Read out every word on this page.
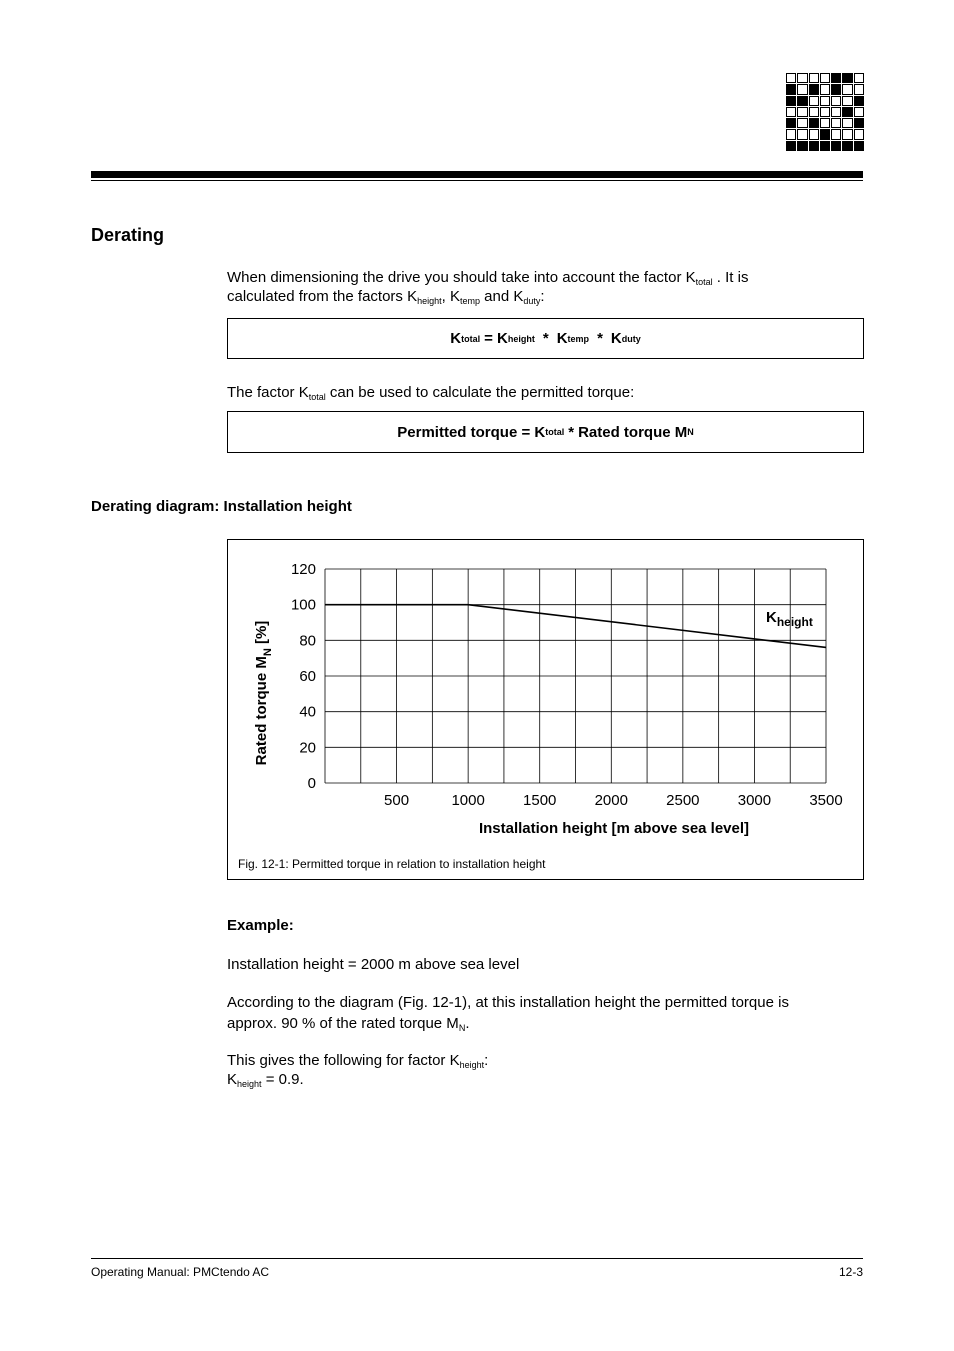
Derating
When dimensioning the drive you should take into account the factor $K_{total}$ . It is
calculated from the factors $K_{height}$, $K_{temp}$ and $K_{duty}$:
K total = K height * K temp * K duty
The factor $K_{total}$ can be used to calculate the permitted torque:
Permitted torque = K total * Rated torque M N
Derating diagram: Installation height
500	1000	1500	2000	2500	3000	3500
0
20
40
60
80
100
120
Rated torque $M_N$ [%]
Installation height [m above sea level]
$K_{height}$
Fig. 12-1: Permitted torque in relation to installation height
Example:
Installation height = 2000 m above sea level
According to the diagram (Fig. 12-1), at this installation height the permitted torque is
approx. 90 % of the rated torque $M_N$.
This gives the following for factor $K_{height}$:
$K_{height} = 0.9$.
Operating Manual: PMCtendo AC	12-3
